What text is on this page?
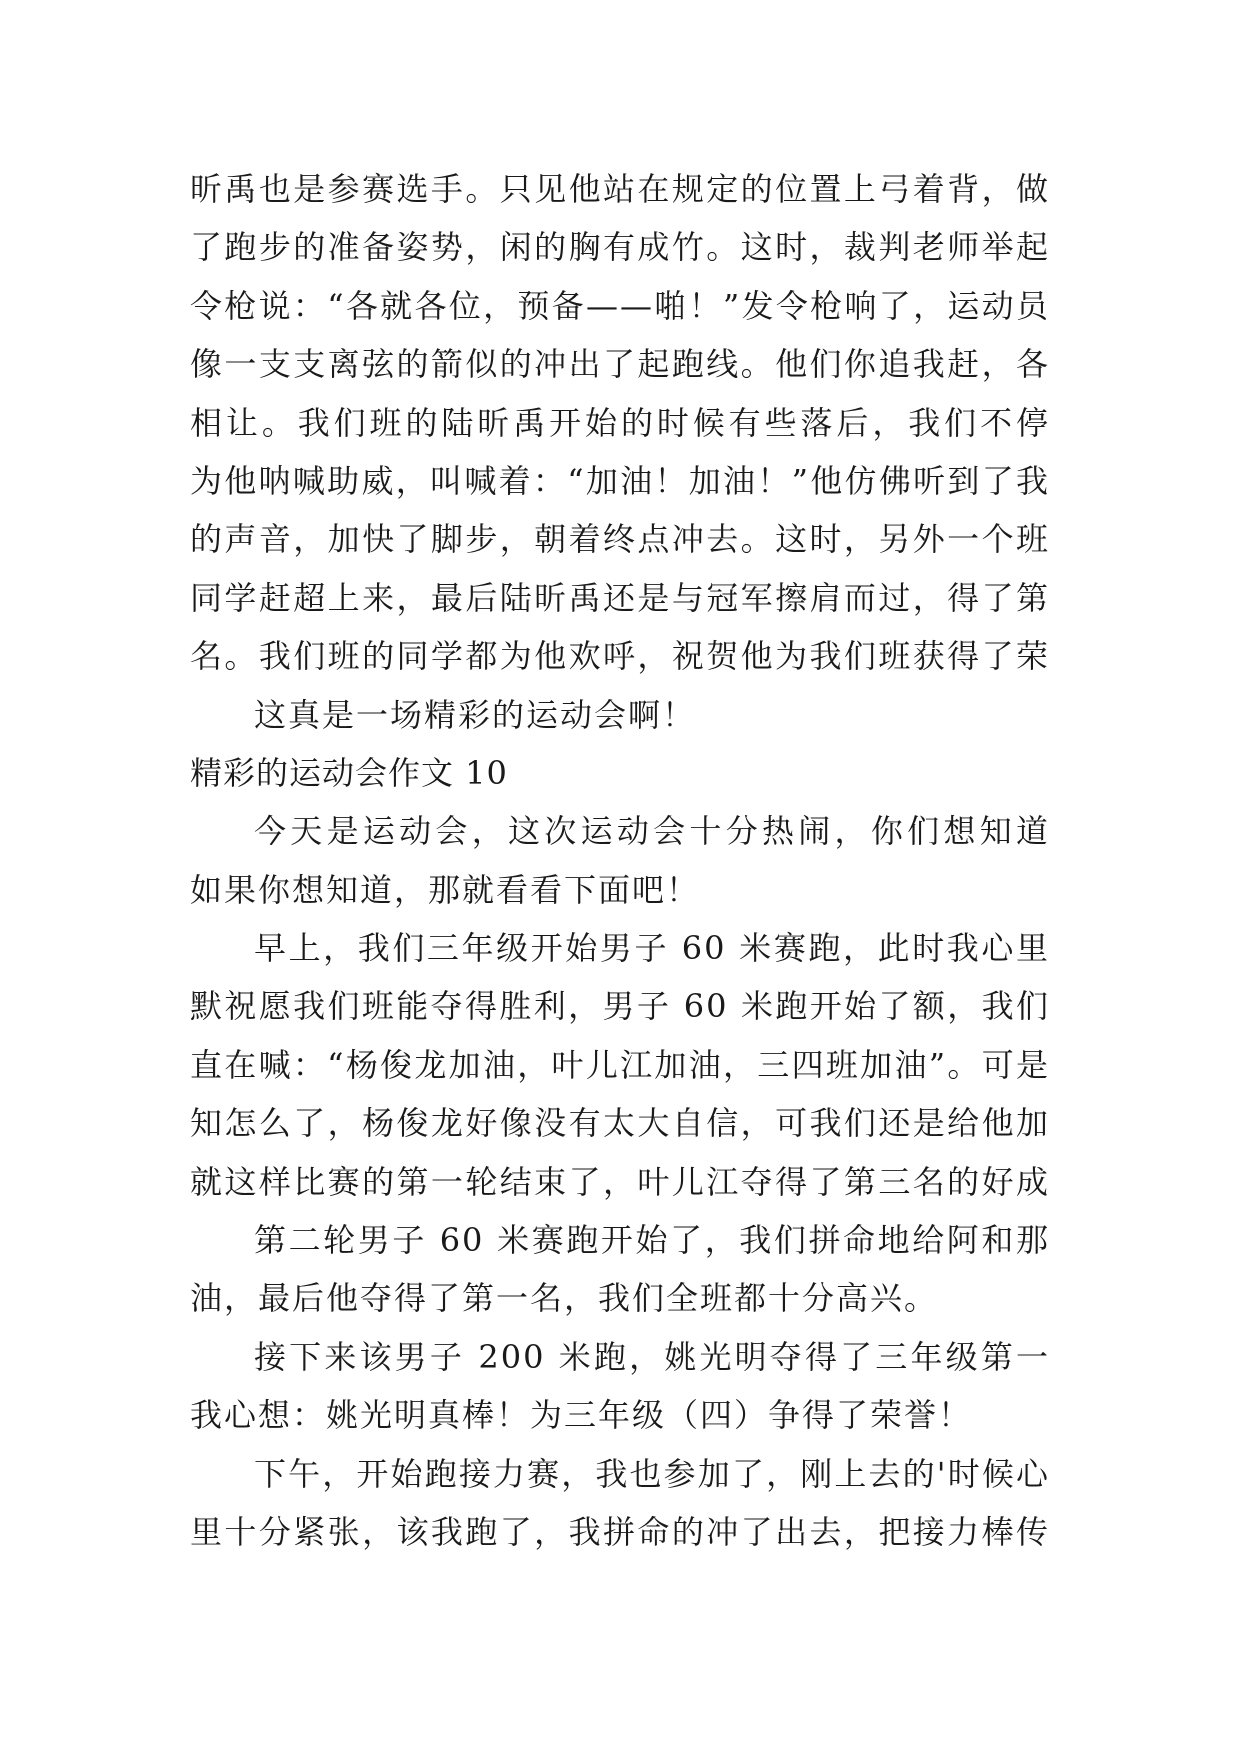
昕禹也是参赛选手。只见他站在规定的位置上弓着背，做
了跑步的准备姿势，闲的胸有成竹。这时，裁判老师举起
令枪说：“各就各位，预备——啪！”发令枪响了，运动员
像一支支离弦的箭似的冲出了起跑线。他们你追我赶，各
相让。我们班的陆昕禹开始的时候有些落后，我们不停
为他呐喊助威，叫喊着：“加油！加油！”他仿佛听到了我
的声音，加快了脚步，朝着终点冲去。这时，另外一个班
同学赶超上来，最后陆昕禹还是与冠军擦肩而过，得了第
名。我们班的同学都为他欢呼，祝贺他为我们班获得了荣
这真是一场精彩的运动会啊！
精彩的运动会作文 10
今天是运动会，这次运动会十分热闹，你们想知道
如果你想知道，那就看看下面吧！
早上，我们三年级开始男子 60 米赛跑，此时我心里
默祝愿我们班能夺得胜利，男子 60 米跑开始了额，我们
直在喊：“杨俊龙加油，叶儿江加油，三四班加油”。可是
知怎么了，杨俊龙好像没有太大自信，可我们还是给他加
就这样比赛的第一轮结束了，叶儿江夺得了第三名的好成
第二轮男子 60 米赛跑开始了，我们拼命地给阿和那
油，最后他夺得了第一名，我们全班都十分高兴。
接下来该男子 200 米跑，姚光明夺得了三年级第一
我心想：姚光明真棒！为三年级（四）争得了荣誉！
下午，开始跑接力赛，我也参加了，刚上去的'时候心
里十分紧张，该我跑了，我拼命的冲了出去，把接力棒传
